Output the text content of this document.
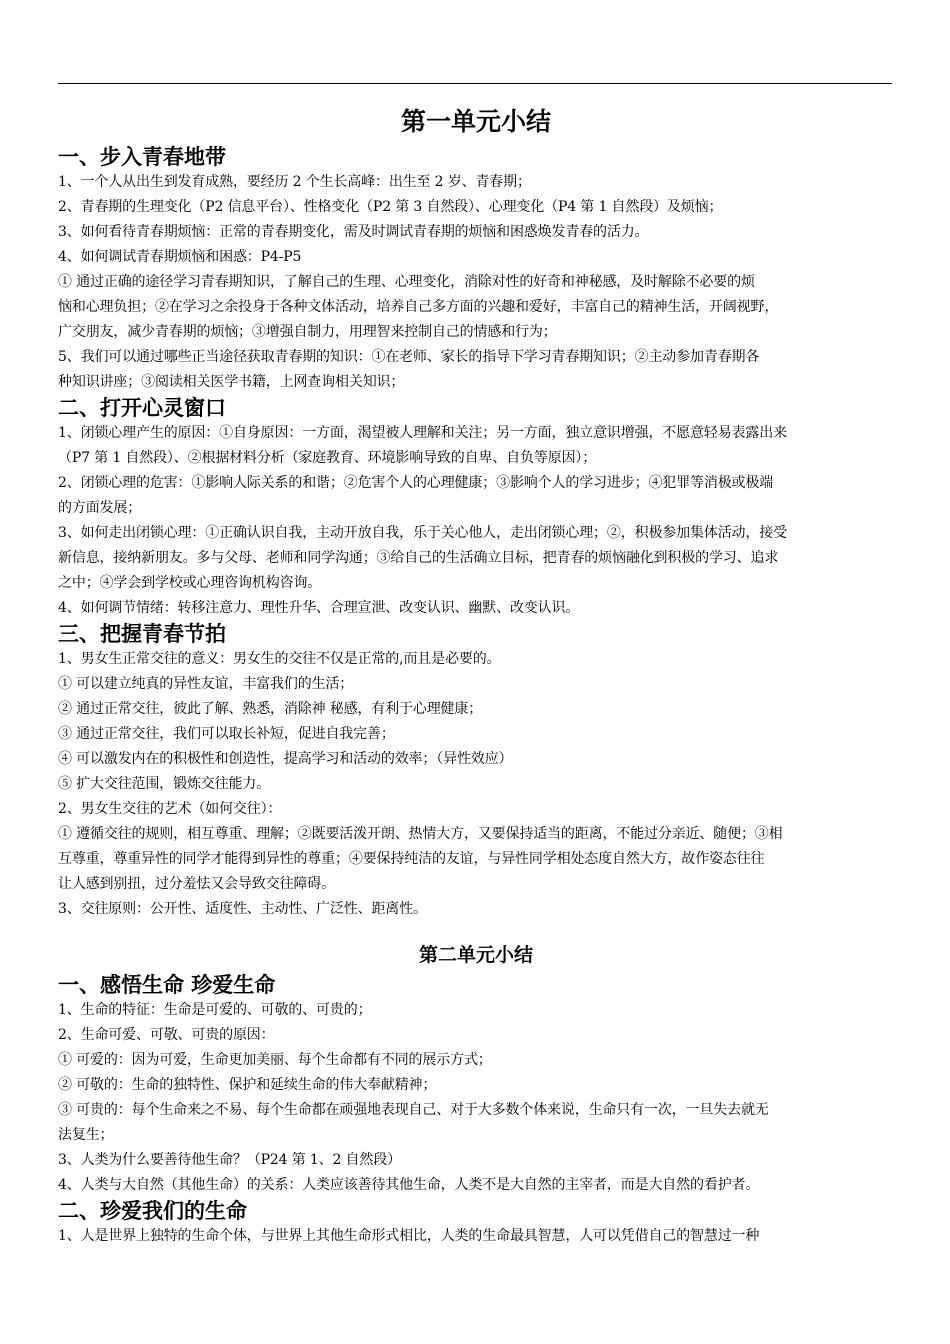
第一单元小结
一、步入青春地带

1、一个人从出生到发育成熟，要经历 2 个生长高峰：出生至 2 岁、青春期；

2、青春期的生理变化（P2 信息平台）、性格变化（P2 第 3 自然段）、心理变化（P4 第 1 自然段）及烦恼；

3、如何看待青春期烦恼：正常的青春期变化，需及时调试青春期的烦恼和困惑焕发青春的活力。

4、如何调试青春期烦恼和困惑：P4-P5

① 通过正确的途径学习青春期知识，了解自己的生理、心理变化，消除对性的好奇和神秘感，及时解除不必要的烦

恼和心理负担；②在学习之余投身于各种文体活动，培养自己多方面的兴趣和爱好，丰富自己的精神生活，开阔视野，

广交朋友，减少青春期的烦恼；③增强自制力，用理智来控制自己的情感和行为；

5、我们可以通过哪些正当途径获取青春期的知识：①在老师、家长的指导下学习青春期知识；②主动参加青春期各

种知识讲座；③阅读相关医学书籍，上网查询相关知识；

二、打开心灵窗口

1、闭锁心理产生的原因：①自身原因：一方面，渴望被人理解和关注；另一方面，独立意识增强，不愿意轻易表露出来

（P7 第 1 自然段）、②根据材料分析（家庭教育、环境影响导致的自卑、自负等原因）；

2、闭锁心理的危害：①影响人际关系的和谐；②危害个人的心理健康；③影响个人的学习进步；④犯罪等消极或极端

的方面发展；

3、如何走出闭锁心理：①正确认识自我，主动开放自我，乐于关心他人，走出闭锁心理；②，积极参加集体活动，接受

新信息，接纳新朋友。多与父母、老师和同学沟通；③给自己的生活确立目标，把青春的烦恼融化到积极的学习、追求

之中；④学会到学校或心理咨询机构咨询。

4、如何调节情绪：转移注意力、理性升华、合理宣泄、改变认识、幽默、改变认识。

三、把握青春节拍

1、男女生正常交往的意义：男女生的交往不仅是正常的,而且是必要的。

① 可以建立纯真的异性友谊，丰富我们的生活；

② 通过正常交往，彼此了解、熟悉，消除神 秘感，有利于心理健康；

③ 通过正常交往，我们可以取长补短，促进自我完善；

④ 可以激发内在的积极性和创造性，提高学习和活动的效率；（异性效应）

⑤ 扩大交往范围，锻炼交往能力。

2、男女生交往的艺术（如何交往）：

① 遵循交往的规则，相互尊重、理解；②既要活泼开朗、热情大方，又要保持适当的距离，不能过分亲近、随便；③相

互尊重，尊重异性的同学才能得到异性的尊重；④要保持纯洁的友谊，与异性同学相处态度自然大方，故作姿态往往

让人感到别扭，过分羞怯又会导致交往障碍。

3、交往原则：公开性、适度性、主动性、广泛性、距离性。

第二单元小结
一、感悟生命 珍爱生命

1、生命的特征：生命是可爱的、可敬的、可贵的；

2、生命可爱、可敬、可贵的原因：

① 可爱的：因为可爱，生命更加美丽、每个生命都有不同的展示方式；

② 可敬的：生命的独特性、保护和延续生命的伟大奉献精神；

③ 可贵的：每个生命来之不易、每个生命都在顽强地表现自己、对于大多数个体来说，生命只有一次，一旦失去就无

法复生；

3、人类为什么要善待他生命？（P24 第 1、2 自然段）

4、人类与大自然（其他生命）的关系：人类应该善待其他生命，人类不是大自然的主宰者，而是大自然的看护者。

二、珍爱我们的生命

1、人是世界上独特的生命个体，与世界上其他生命形式相比，人类的生命最具智慧，人可以凭借自己的智慧过一种
